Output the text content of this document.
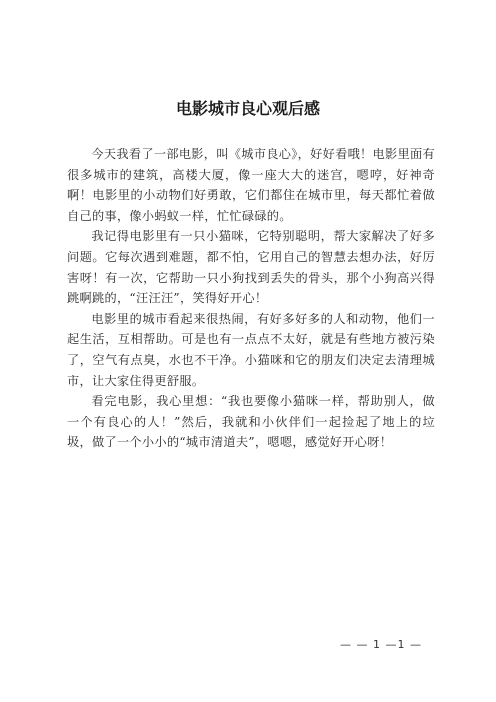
电影城市良心观后感

今天我看了一部电影，叫《城市良心》，好好看哦！电影里面有很多城市的建筑，高楼大厦，像一座大大的迷宫，嗯哼，好神奇啊！电影里的小动物们好勇敢，它们都住在城市里，每天都忙着做自己的事，像小蚂蚁一样，忙忙碌碌的。

我记得电影里有一只小猫咪，它特别聪明，帮大家解决了好多问题。它每次遇到难题，都不怕，它用自己的智慧去想办法，好厉害呀！有一次，它帮助一只小狗找到丢失的骨头，那个小狗高兴得跳啊跳的，“汪汪汪”，笑得好开心！

电影里的城市看起来很热闹，有好多好多的人和动物，他们一起生活，互相帮助。可是也有一点点不太好，就是有些地方被污染了，空气有点臭，水也不干净。小猫咪和它的朋友们决定去清理城市，让大家住得更舒服。

看完电影，我心里想：“我也要像小猫咪一样，帮助别人，做一个有良心的人！”然后，我就和小伙伴们一起捡起了地上的垃圾，做了一个小小的“城市清道夫”，嗯嗯，感觉好开心呀！

— — 1 —1 —
